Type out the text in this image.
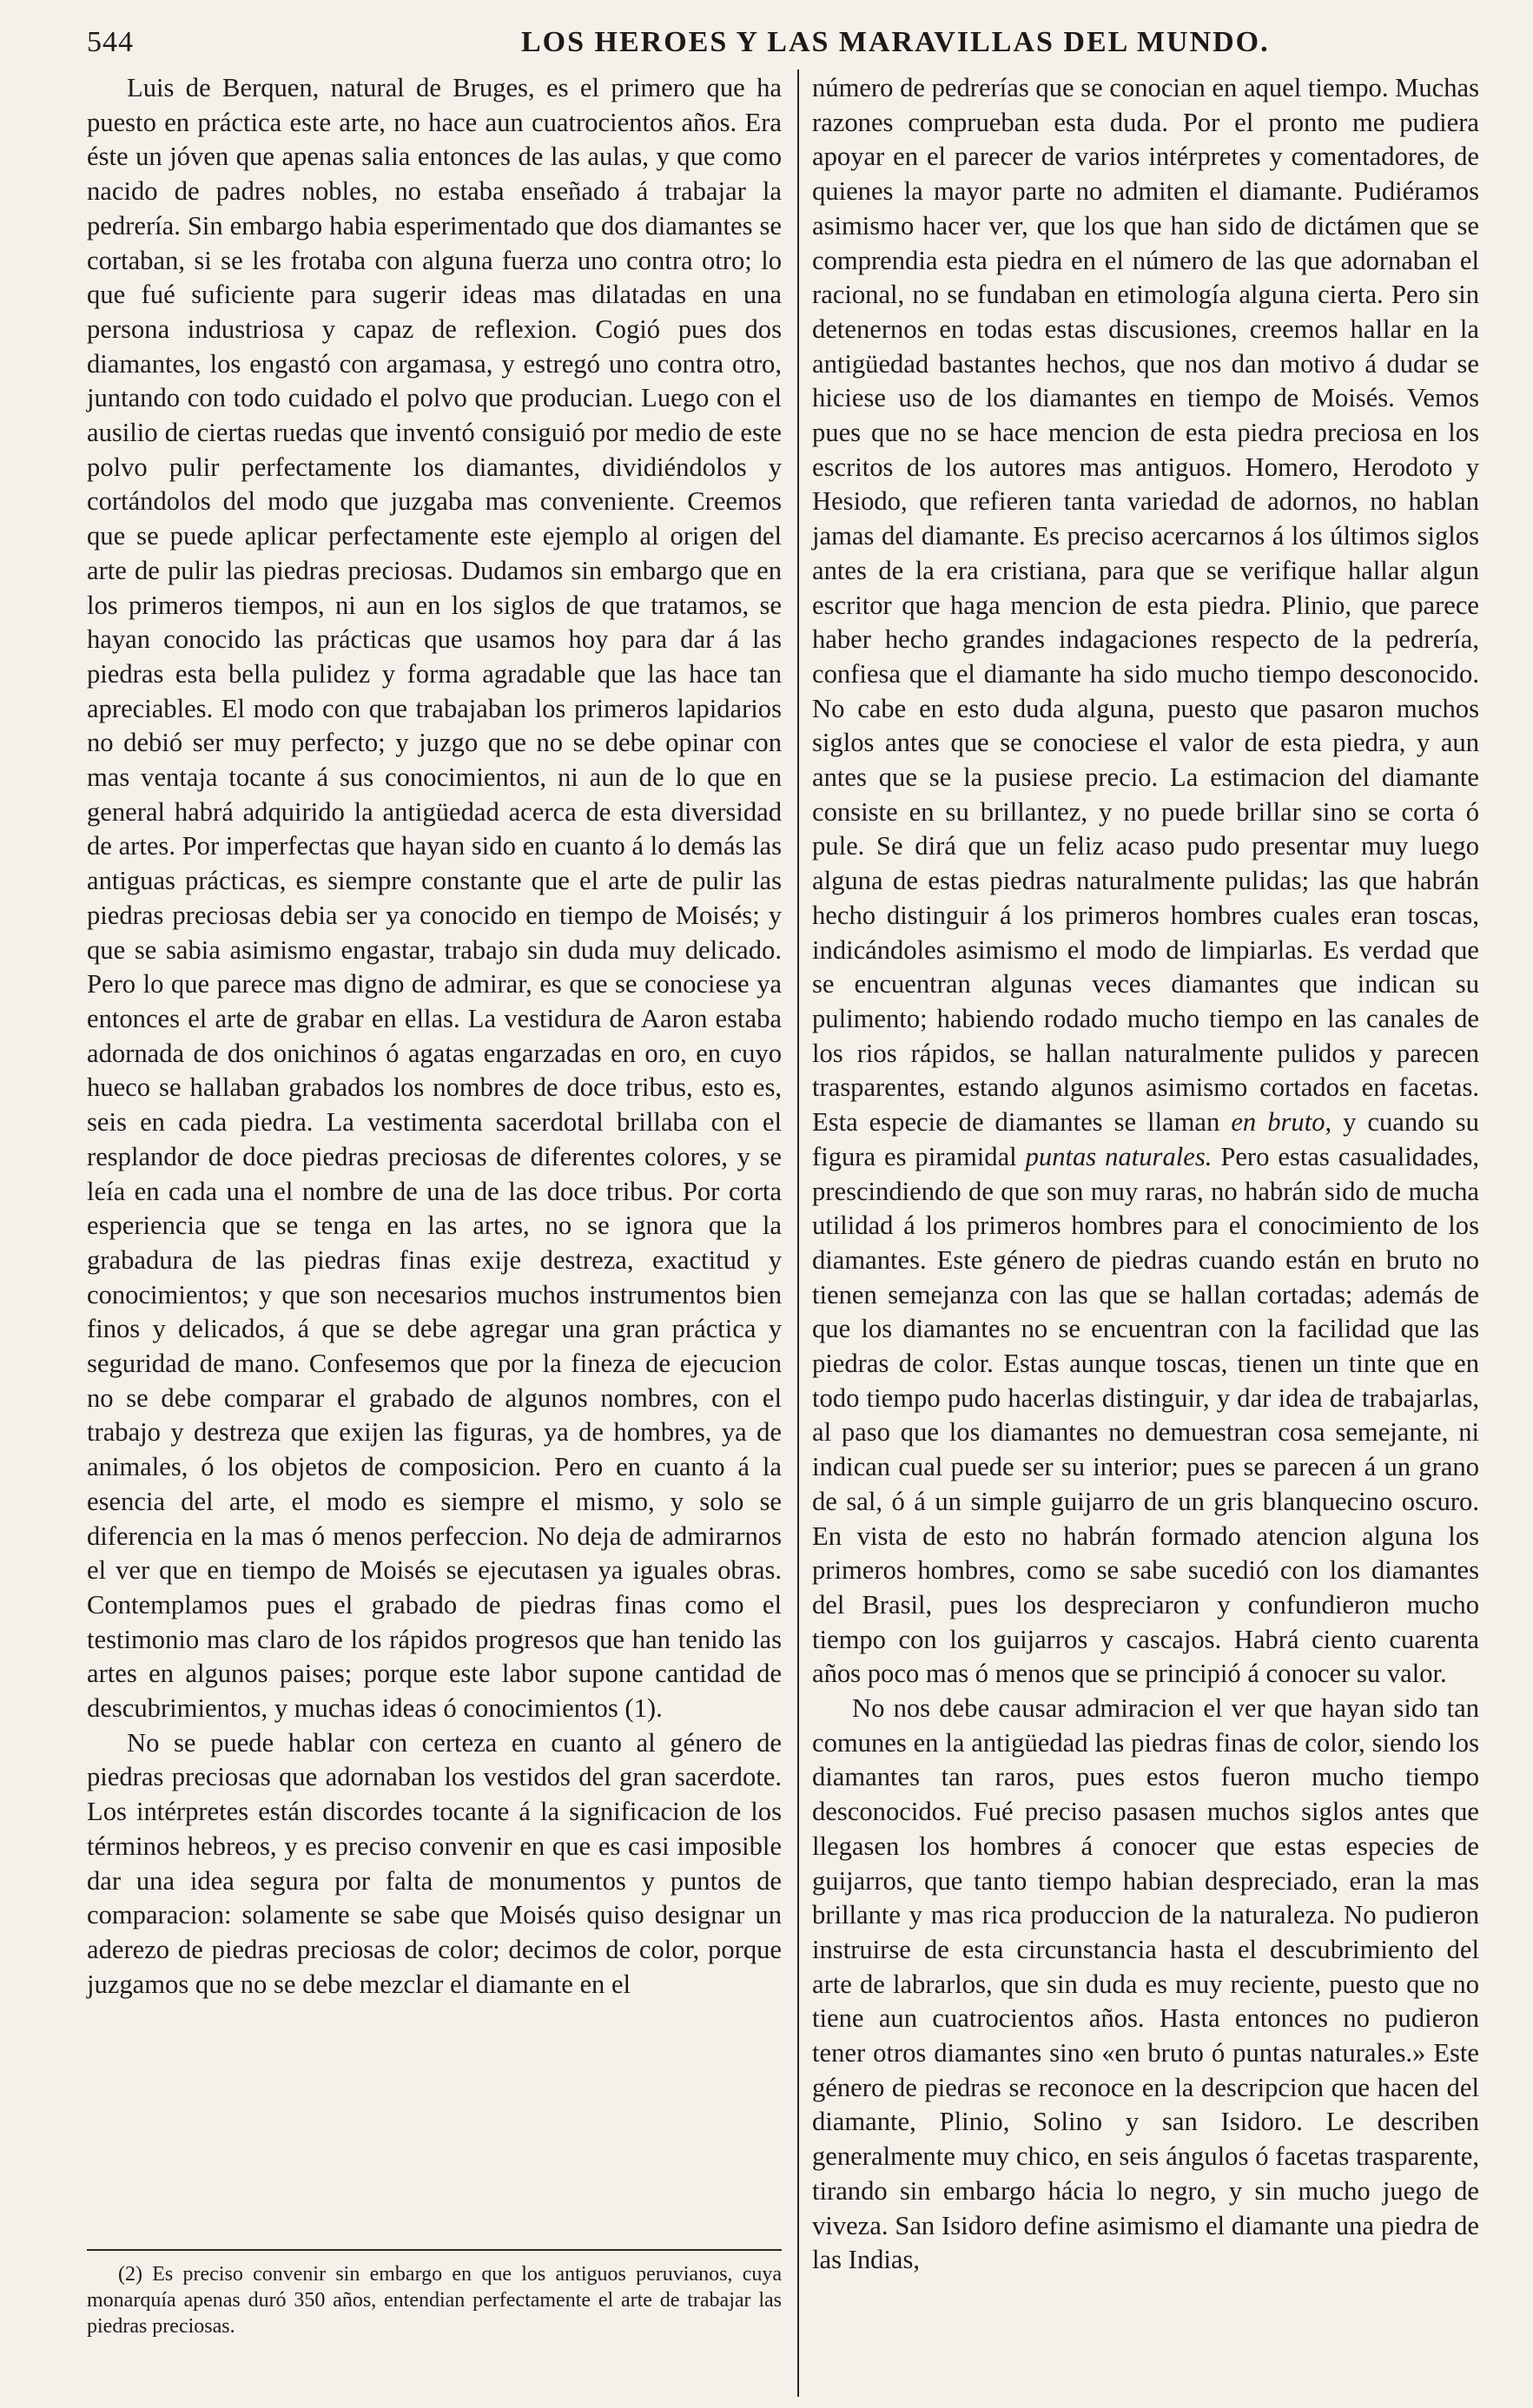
544	LOS HEROES Y LAS MARAVILLAS DEL MUNDO.

Luis de Berquen, natural de Bruges, es el primero que ha puesto en práctica este arte, no hace aun cuatrocientos años. Era éste un jóven que apenas salia entonces de las aulas, y que como nacido de padres nobles, no estaba enseñado á trabajar la pedrería. Sin embargo habia esperimentado que dos diamantes se cortaban, si se les frotaba con alguna fuerza uno contra otro; lo que fué suficiente para sugerir ideas mas dilatadas en una persona industriosa y capaz de reflexion. Cogió pues dos diamantes, los engastó con argamasa, y estregó uno contra otro, juntando con todo cuidado el polvo que producian. Luego con el ausilio de ciertas ruedas que inventó consiguió por medio de este polvo pulir perfectamente los diamantes, dividiéndolos y cortándolos del modo que juzgaba mas conveniente. Creemos que se puede aplicar perfectamente este ejemplo al origen del arte de pulir las piedras preciosas. Dudamos sin embargo que en los primeros tiempos, ni aun en los siglos de que tratamos, se hayan conocido las prácticas que usamos hoy para dar á las piedras esta bella pulidez y forma agradable que las hace tan apreciables. El modo con que trabajaban los primeros lapidarios no debió ser muy perfecto; y juzgo que no se debe opinar con mas ventaja tocante á sus conocimientos, ni aun de lo que en general habrá adquirido la antigüedad acerca de esta diversidad de artes. Por imperfectas que hayan sido en cuanto á lo demás las antiguas prácticas, es siempre constante que el arte de pulir las piedras preciosas debia ser ya conocido en tiempo de Moisés; y que se sabia asimismo engastar, trabajo sin duda muy delicado. Pero lo que parece mas digno de admirar, es que se conociese ya entonces el arte de grabar en ellas. La vestidura de Aaron estaba adornada de dos onichinos ó agatas engarzadas en oro, en cuyo hueco se hallaban grabados los nombres de doce tribus, esto es, seis en cada piedra. La vestimenta sacerdotal brillaba con el resplandor de doce piedras preciosas de diferentes colores, y se leía en cada una el nombre de una de las doce tribus. Por corta esperiencia que se tenga en las artes, no se ignora que la grabadura de las piedras finas exije destreza, exactitud y conocimientos; y que son necesarios muchos instrumentos bien finos y delicados, á que se debe agregar una gran práctica y seguridad de mano. Confesemos que por la fineza de ejecucion no se debe comparar el grabado de algunos nombres, con el trabajo y destreza que exijen las figuras, ya de hombres, ya de animales, ó los objetos de composicion. Pero en cuanto á la esencia del arte, el modo es siempre el mismo, y solo se diferencia en la mas ó menos perfeccion. No deja de admirarnos el ver que en tiempo de Moisés se ejecutasen ya iguales obras. Contemplamos pues el grabado de piedras finas como el testimonio mas claro de los rápidos progresos que han tenido las artes en algunos paises; porque este labor supone cantidad de descubrimientos, y muchas ideas ó conocimientos (1).

No se puede hablar con certeza en cuanto al género de piedras preciosas que adornaban los vestidos del gran sacerdote. Los intérpretes están discordes tocante á la significacion de los términos hebreos, y es preciso convenir en que es casi imposible dar una idea segura por falta de monumentos y puntos de comparacion: solamente se sabe que Moisés quiso designar un aderezo de piedras preciosas de color; decimos de color, porque juzgamos que no se debe mezclar el diamante en el

número de pedrerías que se conocian en aquel tiempo. Muchas razones comprueban esta duda. Por el pronto me pudiera apoyar en el parecer de varios intérpretes y comentadores, de quienes la mayor parte no admiten el diamante. Pudiéramos asimismo hacer ver, que los que han sido de dictámen que se comprendia esta piedra en el número de las que adornaban el racional, no se fundaban en etimología alguna cierta. Pero sin detenernos en todas estas discusiones, creemos hallar en la antigüedad bastantes hechos, que nos dan motivo á dudar se hiciese uso de los diamantes en tiempo de Moisés. Vemos pues que no se hace mencion de esta piedra preciosa en los escritos de los autores mas antiguos. Homero, Herodoto y Hesiodo, que refieren tanta variedad de adornos, no hablan jamas del diamante. Es preciso acercarnos á los últimos siglos antes de la era cristiana, para que se verifique hallar algun escritor que haga mencion de esta piedra. Plinio, que parece haber hecho grandes indagaciones respecto de la pedrería, confiesa que el diamante ha sido mucho tiempo desconocido. No cabe en esto duda alguna, puesto que pasaron muchos siglos antes que se conociese el valor de esta piedra, y aun antes que se la pusiese precio. La estimacion del diamante consiste en su brillantez, y no puede brillar sino se corta ó pule. Se dirá que un feliz acaso pudo presentar muy luego alguna de estas piedras naturalmente pulidas; las que habrán hecho distinguir á los primeros hombres cuales eran toscas, indicándoles asimismo el modo de limpiarlas. Es verdad que se encuentran algunas veces diamantes que indican su pulimento; habiendo rodado mucho tiempo en las canales de los rios rápidos, se hallan naturalmente pulidos y parecen trasparentes, estando algunos asimismo cortados en facetas. Esta especie de diamantes se llaman en bruto, y cuando su figura es piramidal puntas naturales. Pero estas casualidades, prescindiendo de que son muy raras, no habrán sido de mucha utilidad á los primeros hombres para el conocimiento de los diamantes. Este género de piedras cuando están en bruto no tienen semejanza con las que se hallan cortadas; además de que los diamantes no se encuentran con la facilidad que las piedras de color. Estas aunque toscas, tienen un tinte que en todo tiempo pudo hacerlas distinguir, y dar idea de trabajarlas, al paso que los diamantes no demuestran cosa semejante, ni indican cual puede ser su interior; pues se parecen á un grano de sal, ó á un simple guijarro de un gris blanquecino oscuro. En vista de esto no habrán formado atencion alguna los primeros hombres, como se sabe sucedió con los diamantes del Brasil, pues los despreciaron y confundieron mucho tiempo con los guijarros y cascajos. Habrá ciento cuarenta años poco mas ó menos que se principió á conocer su valor.

No nos debe causar admiracion el ver que hayan sido tan comunes en la antigüedad las piedras finas de color, siendo los diamantes tan raros, pues estos fueron mucho tiempo desconocidos. Fué preciso pasasen muchos siglos antes que llegasen los hombres á conocer que estas especies de guijarros, que tanto tiempo habian despreciado, eran la mas brillante y mas rica produccion de la naturaleza. No pudieron instruirse de esta circunstancia hasta el descubrimiento del arte de labrarlos, que sin duda es muy reciente, puesto que no tiene aun cuatrocientos años. Hasta entonces no pudieron tener otros diamantes sino «en bruto ó puntas naturales.» Este género de piedras se reconoce en la descripcion que hacen del diamante, Plinio, Solino y san Isidoro. Le describen generalmente muy chico, en seis ángulos ó facetas trasparente, tirando sin embargo hácia lo negro, y sin mucho juego de viveza. San Isidoro define asimismo el diamante una piedra de las Indias,

(2) Es preciso convenir sin embargo en que los antiguos peruvianos, cuya monarquía apenas duró 350 años, entendian perfectamente el arte de trabajar las piedras preciosas.
